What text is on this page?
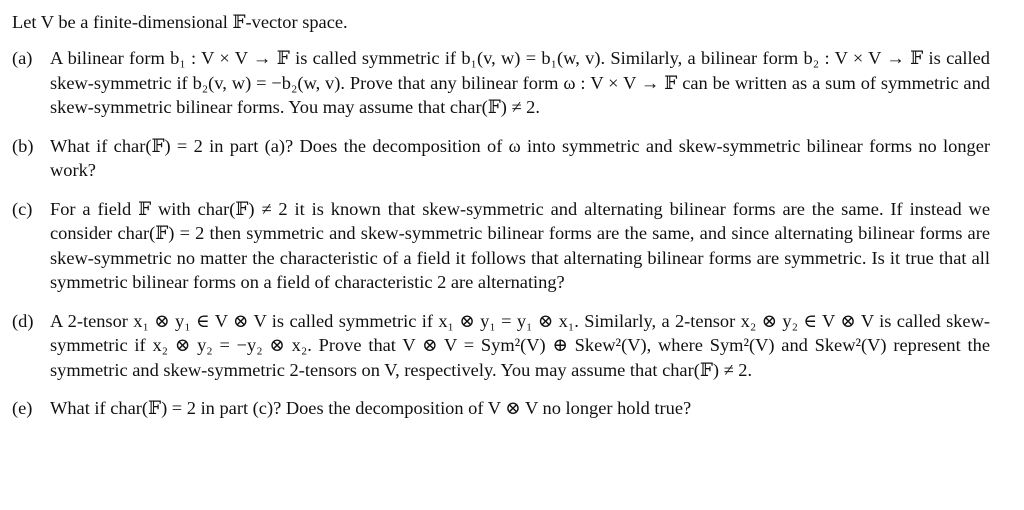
Let V be a finite-dimensional 𝔽-vector space.

(a) A bilinear form b₁ : V × V → 𝔽 is called symmetric if b₁(v, w) = b₁(w, v). Similarly, a bilinear form b₂ : V × V → 𝔽 is called skew-symmetric if b₂(v, w) = −b₂(w, v). Prove that any bilinear form ω : V × V → 𝔽 can be written as a sum of symmetric and skew-symmetric bilinear forms. You may assume that char(𝔽) ≠ 2.
(b) What if char(𝔽) = 2 in part (a)? Does the decomposition of ω into symmetric and skew-symmetric bilinear forms no longer work?
(c) For a field 𝔽 with char(𝔽) ≠ 2 it is known that skew-symmetric and alternating bilinear forms are the same. If instead we consider char(𝔽) = 2 then symmetric and skew-symmetric bilinear forms are the same, and since alternating bilinear forms are skew-symmetric no matter the characteristic of a field it follows that alternating bilinear forms are symmetric. Is it true that all symmetric bilinear forms on a field of characteristic 2 are alternating?
(d) A 2-tensor x₁ ⊗ y₁ ∈ V ⊗ V is called symmetric if x₁ ⊗ y₁ = y₁ ⊗ x₁. Similarly, a 2-tensor x₂ ⊗ y₂ ∈ V ⊗ V is called skew-symmetric if x₂ ⊗ y₂ = −y₂ ⊗ x₂. Prove that V ⊗ V = Sym²(V) ⊕ Skew²(V), where Sym²(V) and Skew²(V) represent the symmetric and skew-symmetric 2-tensors on V, respectively. You may assume that char(𝔽) ≠ 2.
(e) What if char(𝔽) = 2 in part (c)? Does the decomposition of V ⊗ V no longer hold true?
